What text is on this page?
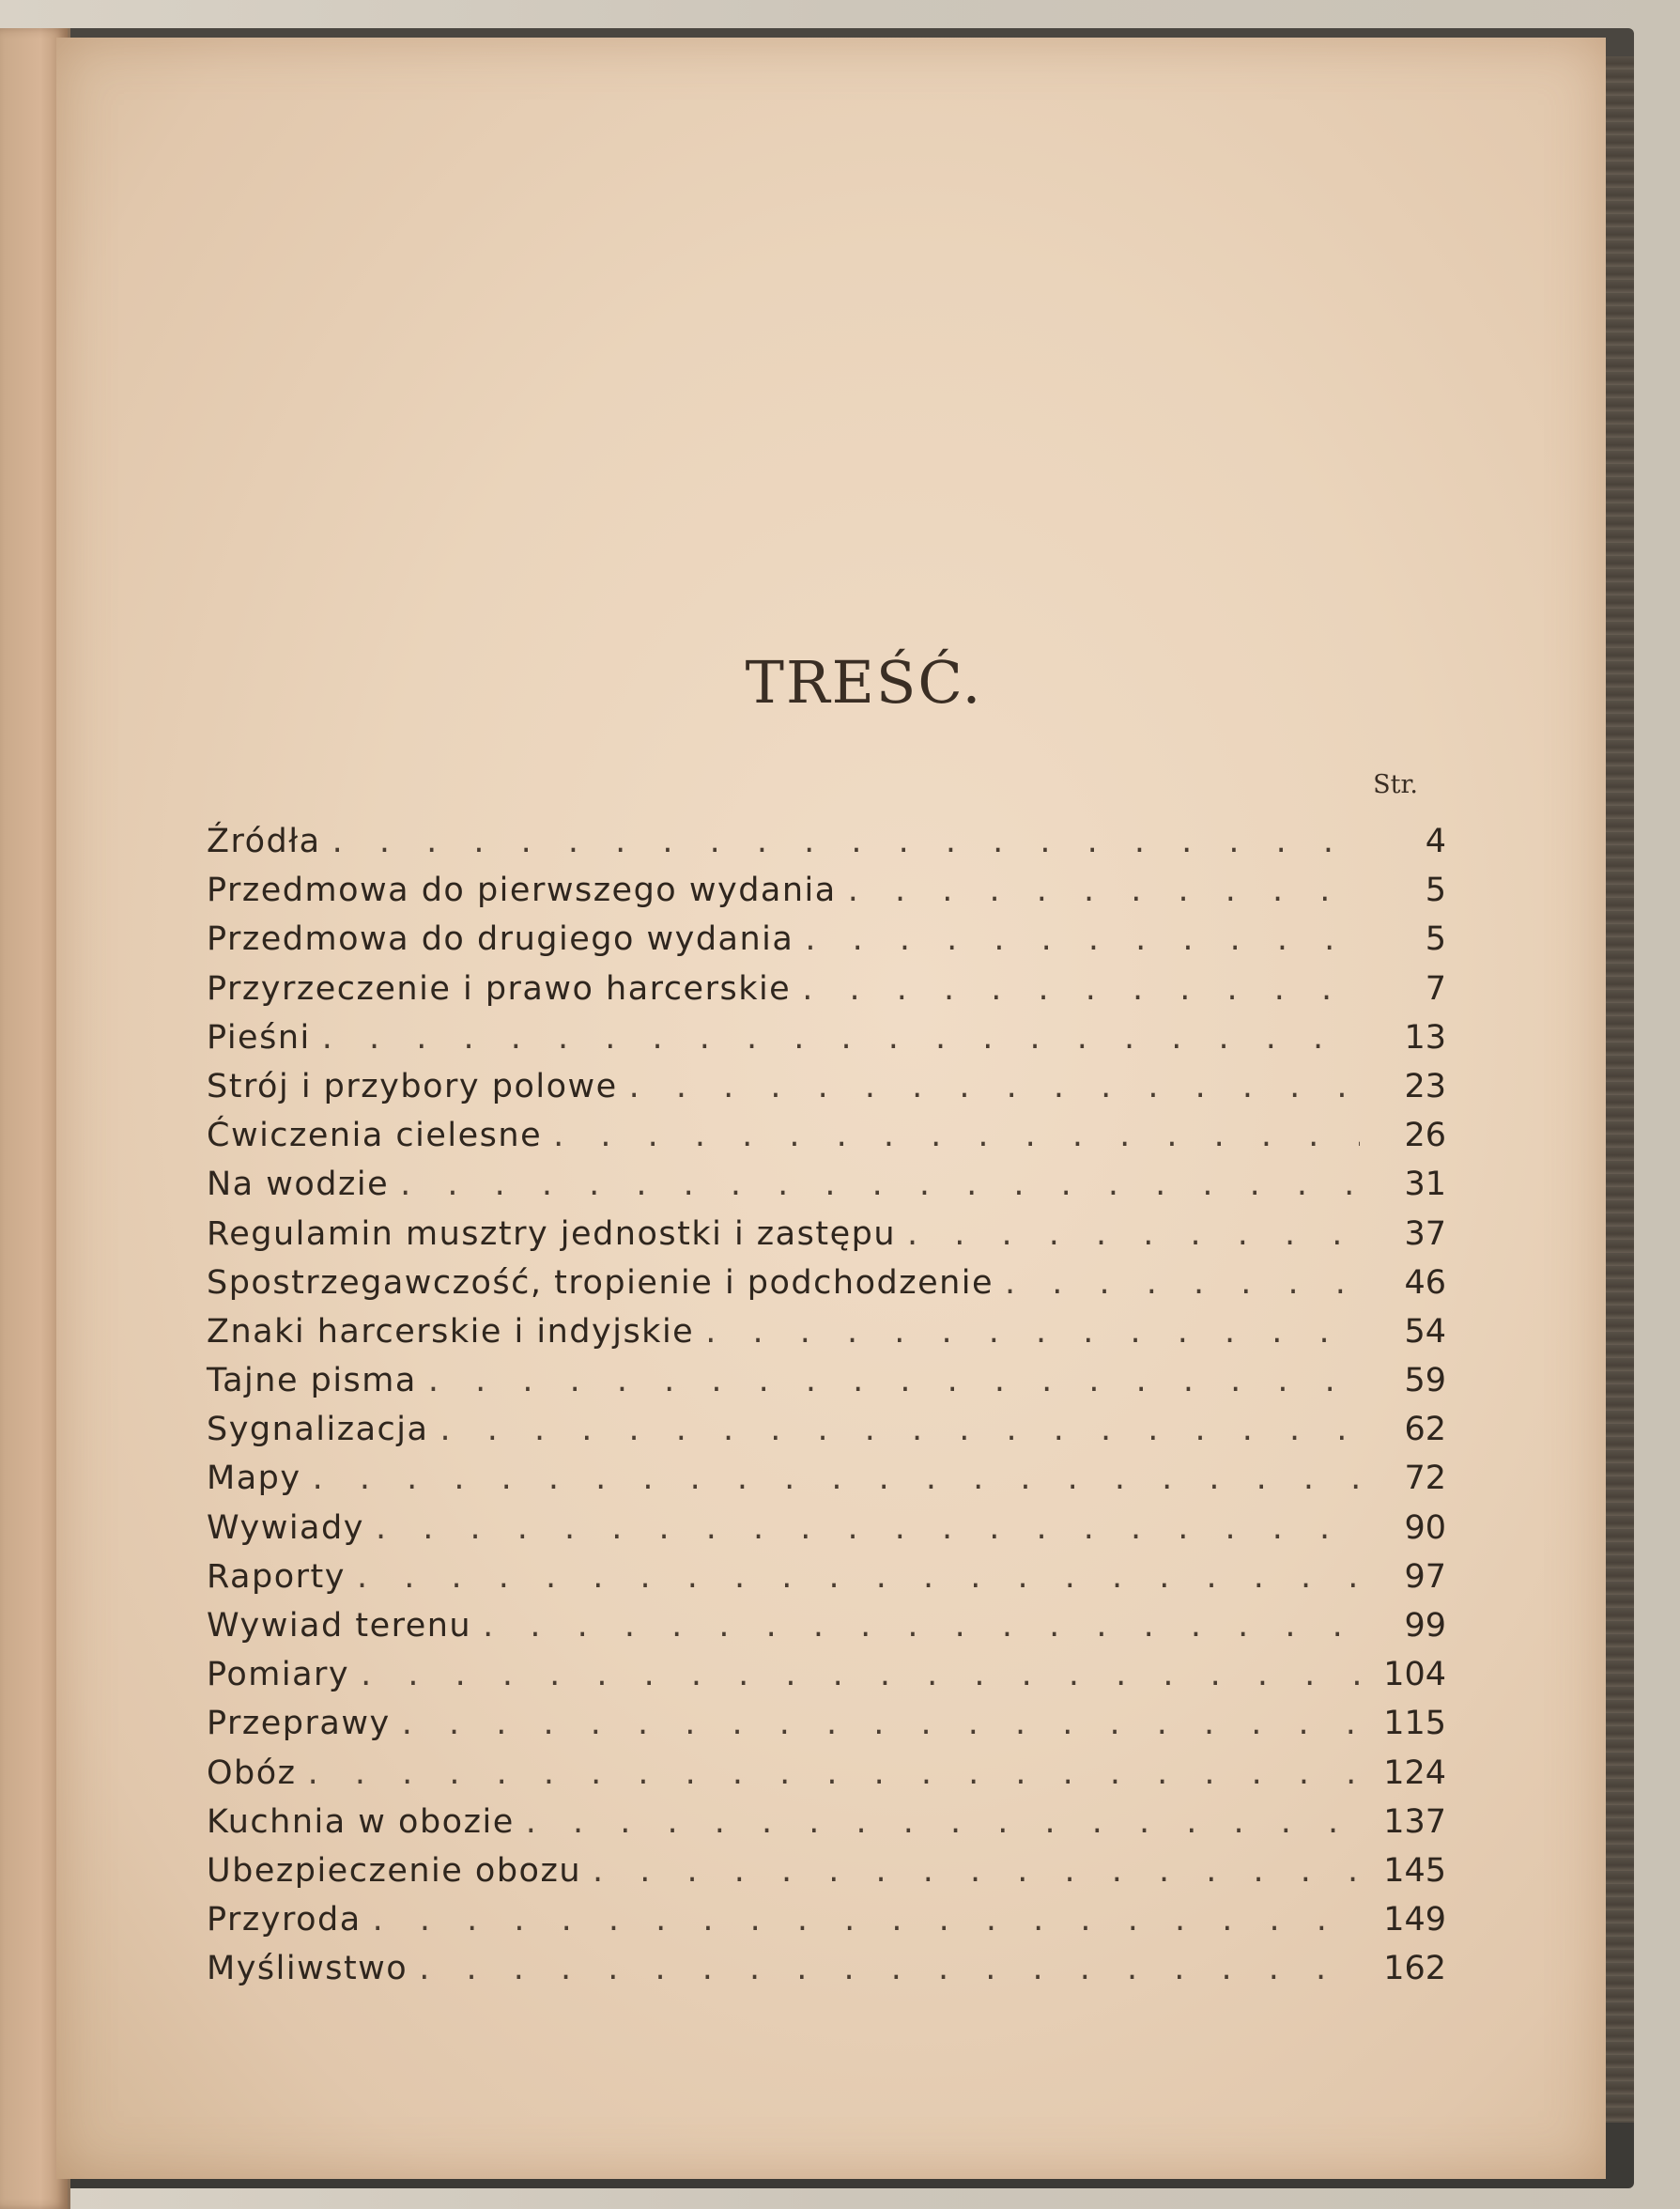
TREŚĆ.
Str.
Źródła . . .	4
Przedmowa do pierwszego wydania . . .	5
Przedmowa do drugiego wydania . . .	5
Przyrzeczenie i prawo harcerskie . . .	7
Pieśni . . .	13
Strój i przybory polowe . . .	23
Ćwiczenia cielesne . . .	26
Na wodzie . . .	31
Regulamin musztry jednostki i zastępu . . .	37
Spostrzegawczość, tropienie i podchodzenie . . .	46
Znaki harcerskie i indyjskie . . .	54
Tajne pisma . . .	59
Sygnalizacja . . .	62
Mapy . . .	72
Wywiady . . .	90
Raporty . . .	97
Wywiad terenu . . .	99
Pomiary . . .	104
Przeprawy . . .	115
Obóz . . .	124
Kuchnia w obozie . . .	137
Ubezpieczenie obozu . . .	145
Przyroda . . .	149
Myśliwstwo . . .	162
